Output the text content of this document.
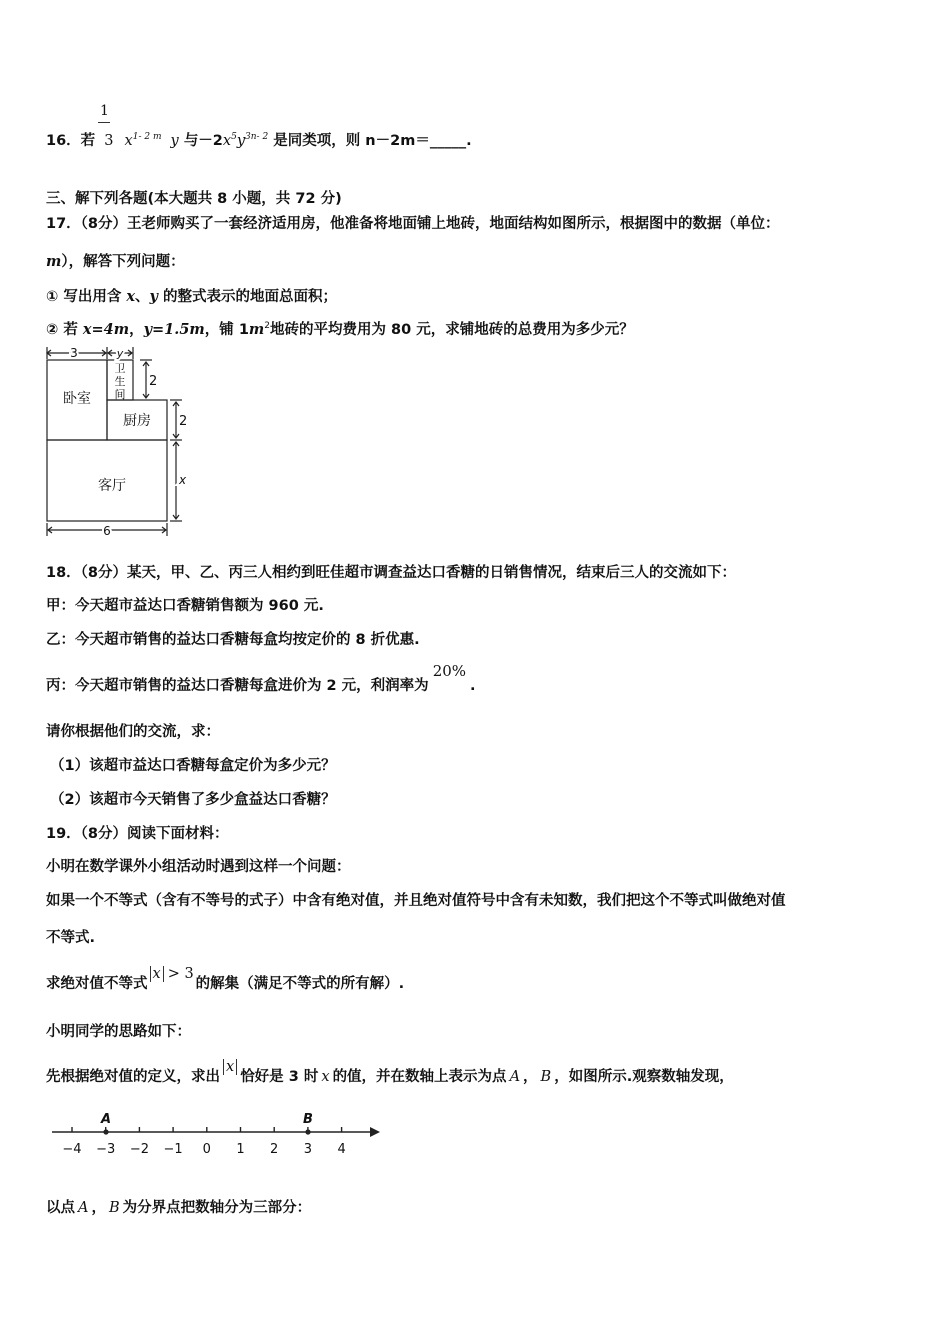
1
16．若 3 $x^{1- 2 m}$ y 与$-2x^5y^{3n- 2}$ 是同类项，则 n－2m＝_____.
三、解下列各题(本大题共 8 小题，共 72 分)
17．（8分）王老师购买了一套经济适用房，他准备将地面铺上地砖，地面结构如图所示，根据图中的数据（单位：
m），解答下列问题：
① 写出用含 x、y 的整式表示的地面总面积；
② 若 x=4m，y=1.5m，铺 $1m^2$地砖的平均费用为 80 元，求铺地砖的总费用为多少元？
3	y
卧室
卫
生
间
厨房
客厅
2
2
x
6
18．（8分）某天，甲、乙、丙三人相约到旺佳超市调查益达口香糖的日销售情况，结束后三人的交流如下：
甲：今天超市益达口香糖销售额为 960 元.
乙：今天超市销售的益达口香糖每盒均按定价的 8 折优惠.
丙：今天超市销售的益达口香糖每盒进价为 2 元，利润率为20%.
请你根据他们的交流，求：
（1）该超市益达口香糖每盒定价为多少元？
（2）该超市今天销售了多少盒益达口香糖？
19．（8分）阅读下面材料：
小明在数学课外小组活动时遇到这样一个问题：
如果一个不等式（含有不等号的式子）中含有绝对值，并且绝对值符号中含有未知数，我们把这个不等式叫做绝对值
不等式.
求绝对值不等式x > 3的解集（满足不等式的所有解）.
小明同学的思路如下：
先根据绝对值的定义，求出x恰好是 3 时 x 的值，并在数轴上表示为点 A ， B ，如图所示.观察数轴发现，
A	B
−4 −3 −2 −1 0 1 2 3 4
以点 A ， B 为分界点把数轴分为三部分：
